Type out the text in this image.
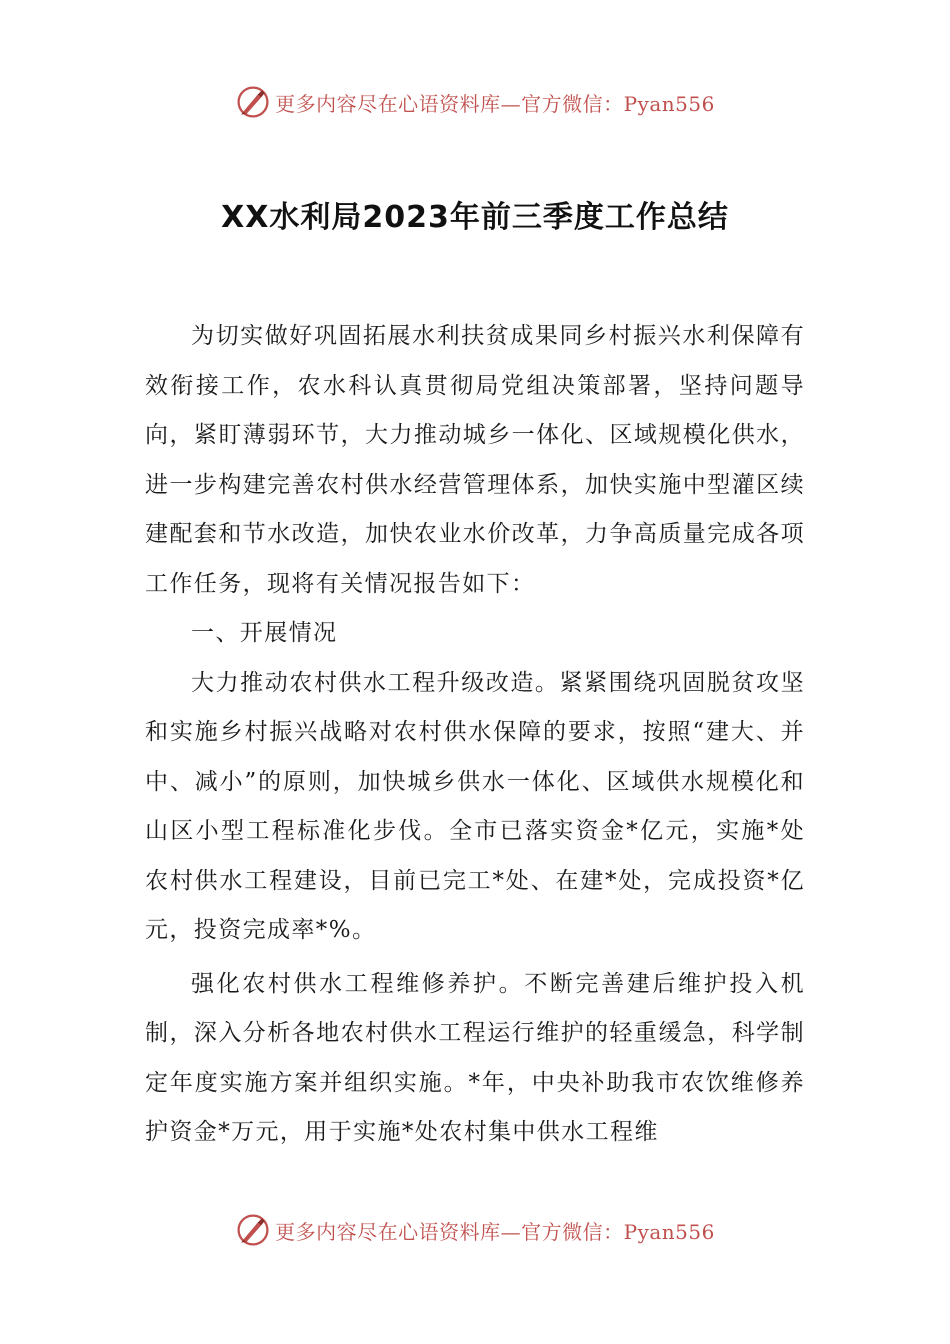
更多内容尽在心语资料库—官方微信：Pyan556
XX水利局2023年前三季度工作总结

为切实做好巩固拓展水利扶贫成果同乡村振兴水利保障有效衔接工作，农水科认真贯彻局党组决策部署，坚持问题导向，紧盯薄弱环节，大力推动城乡一体化、区域规模化供水，进一步构建完善农村供水经营管理体系，加快实施中型灌区续建配套和节水改造，加快农业水价改革，力争高质量完成各项工作任务，现将有关情况报告如下：

一、开展情况

大力推动农村供水工程升级改造。紧紧围绕巩固脱贫攻坚和实施乡村振兴战略对农村供水保障的要求，按照“建大、并中、减小”的原则，加快城乡供水一体化、区域供水规模化和山区小型工程标准化步伐。全市已落实资金*亿元，实施*处农村供水工程建设，目前已完工*处、在建*处，完成投资*亿元，投资完成率*%。

强化农村供水工程维修养护。不断完善建后维护投入机制，深入分析各地农村供水工程运行维护的轻重缓急，科学制定年度实施方案并组织实施。*年，中央补助我市农饮维修养护资金*万元，用于实施*处农村集中供水工程维

更多内容尽在心语资料库—官方微信：Pyan556
